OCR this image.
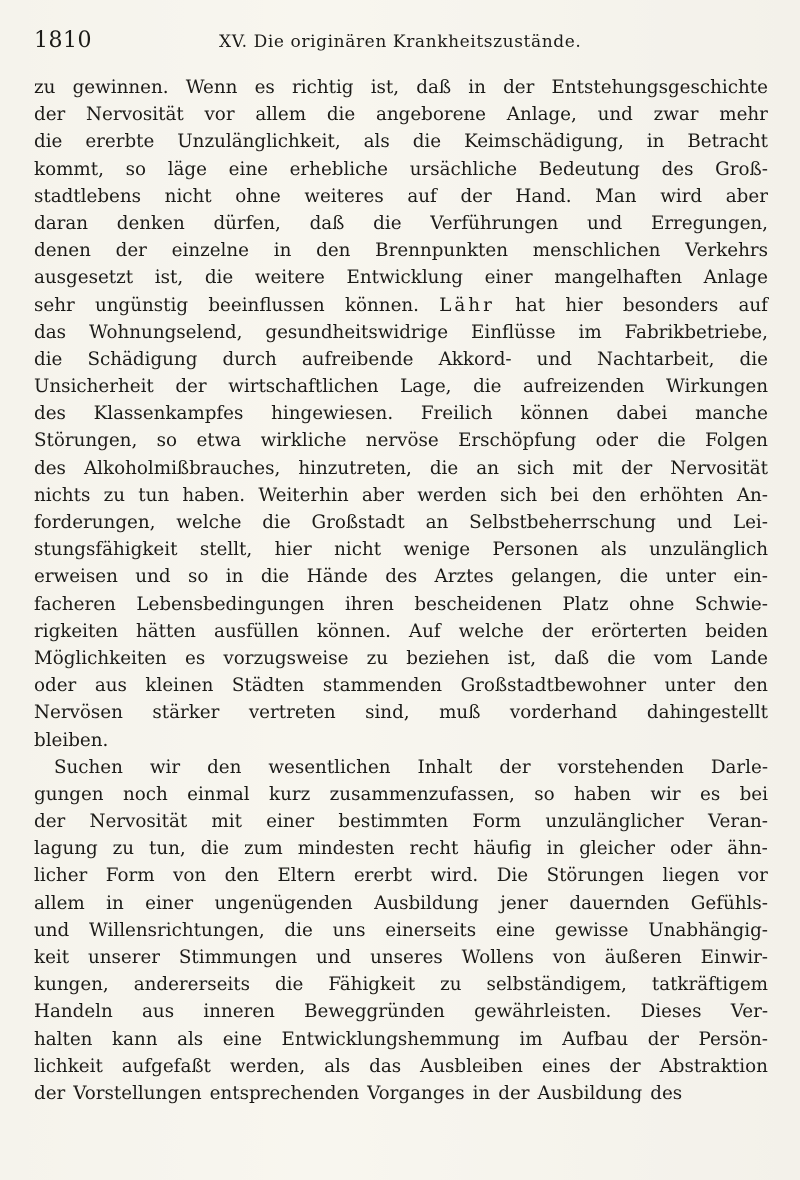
1810	XV. Die originären Krankheitszustände.
zu gewinnen. Wenn es richtig ist, daß in der Entstehungsgeschichte
der Nervosität vor allem die angeborene Anlage, und zwar mehr
die ererbte Unzulänglichkeit, als die Keimschädigung, in Betracht
kommt, so läge eine erhebliche ursächliche Bedeutung des Groß-
stadtlebens nicht ohne weiteres auf der Hand. Man wird aber
daran denken dürfen, daß die Verführungen und Erregungen,
denen der einzelne in den Brennpunkten menschlichen Verkehrs
ausgesetzt ist, die weitere Entwicklung einer mangelhaften Anlage
sehr ungünstig beeinflussen können. Lähr hat hier besonders auf
das Wohnungselend, gesundheitswidrige Einflüsse im Fabrikbetriebe,
die Schädigung durch aufreibende Akkord- und Nachtarbeit, die
Unsicherheit der wirtschaftlichen Lage, die aufreizenden Wirkungen
des Klassenkampfes hingewiesen. Freilich können dabei manche
Störungen, so etwa wirkliche nervöse Erschöpfung oder die Folgen
des Alkoholmißbrauches, hinzutreten, die an sich mit der Nervosität
nichts zu tun haben. Weiterhin aber werden sich bei den erhöhten An-
forderungen, welche die Großstadt an Selbstbeherrschung und Lei-
stungsfähigkeit stellt, hier nicht wenige Personen als unzulänglich
erweisen und so in die Hände des Arztes gelangen, die unter ein-
facheren Lebensbedingungen ihren bescheidenen Platz ohne Schwie-
rigkeiten hätten ausfüllen können. Auf welche der erörterten beiden
Möglichkeiten es vorzugsweise zu beziehen ist, daß die vom Lande
oder aus kleinen Städten stammenden Großstadtbewohner unter den
Nervösen stärker vertreten sind, muß vorderhand dahingestellt
bleiben.
Suchen wir den wesentlichen Inhalt der vorstehenden Darle-
gungen noch einmal kurz zusammenzufassen, so haben wir es bei
der Nervosität mit einer bestimmten Form unzulänglicher Veran-
lagung zu tun, die zum mindesten recht häufig in gleicher oder ähn-
licher Form von den Eltern ererbt wird. Die Störungen liegen vor
allem in einer ungenügenden Ausbildung jener dauernden Gefühls-
und Willensrichtungen, die uns einerseits eine gewisse Unabhängig-
keit unserer Stimmungen und unseres Wollens von äußeren Einwir-
kungen, andererseits die Fähigkeit zu selbständigem, tatkräftigem
Handeln aus inneren Beweggründen gewährleisten. Dieses Ver-
halten kann als eine Entwicklungshemmung im Aufbau der Persön-
lichkeit aufgefaßt werden, als das Ausbleiben eines der Abstraktion
der Vorstellungen entsprechenden Vorganges in der Ausbildung des
